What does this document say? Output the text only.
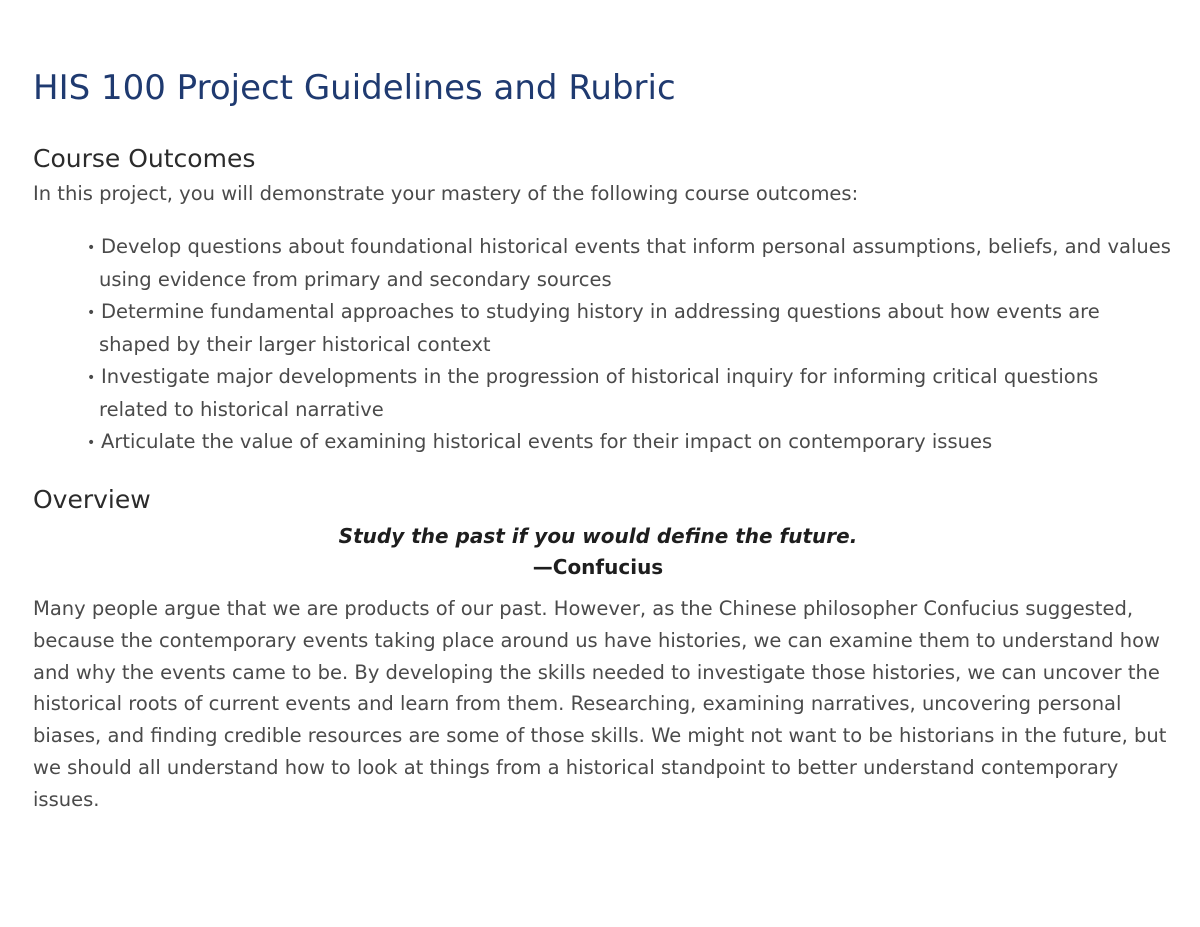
HIS 100 Project Guidelines and Rubric
Course Outcomes

In this project, you will demonstrate your mastery of the following course outcomes:

• Develop questions about foundational historical events that inform personal assumptions, beliefs, and values using evidence from primary and secondary sources
• Determine fundamental approaches to studying history in addressing questions about how events are shaped by their larger historical context
• Investigate major developments in the progression of historical inquiry for informing critical questions related to historical narrative
• Articulate the value of examining historical events for their impact on contemporary issues
Overview

Study the past if you would define the future.

—Confucius

Many people argue that we are products of our past. However, as the Chinese philosopher Confucius suggested, because the contemporary events taking place around us have histories, we can examine them to understand how and why the events came to be. By developing the skills needed to investigate those histories, we can uncover the historical roots of current events and learn from them. Researching, examining narratives, uncovering personal biases, and finding credible resources are some of those skills. We might not want to be historians in the future, but we should all understand how to look at things from a historical standpoint to better understand contemporary issues.
